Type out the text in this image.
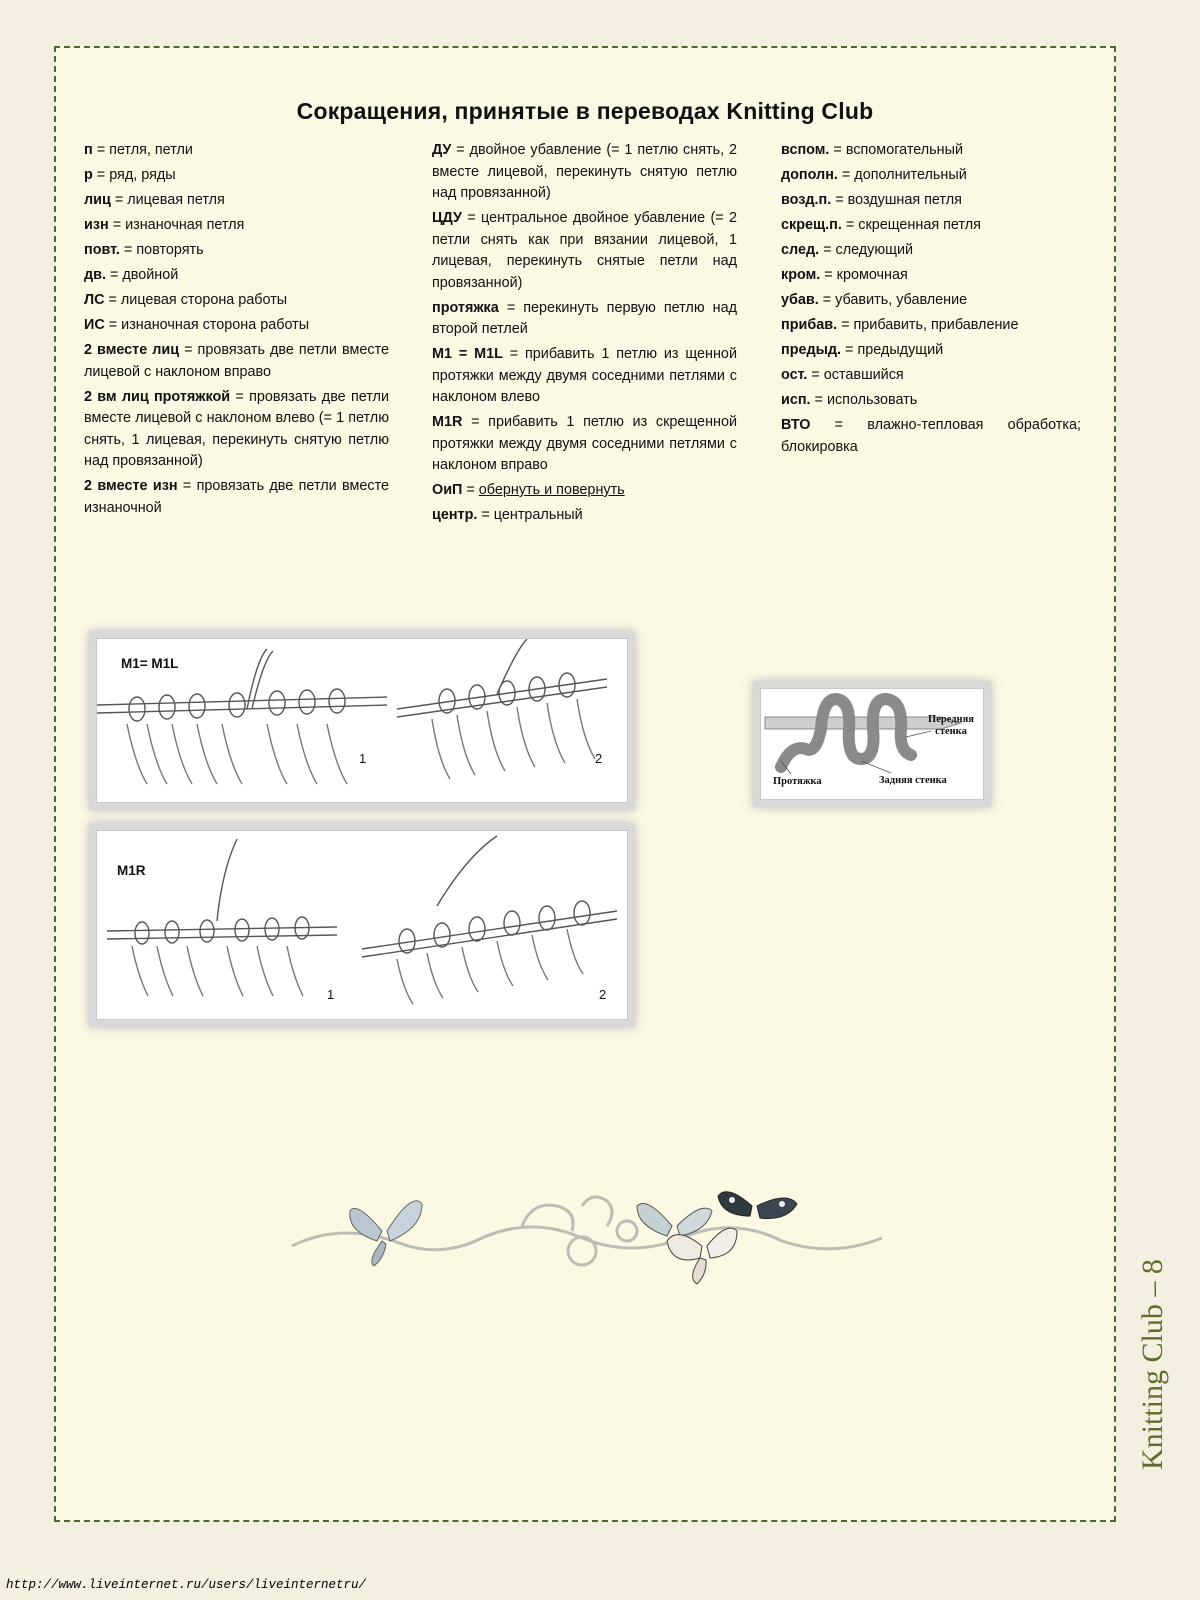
Сокращения, принятые в переводах Knitting Club
п = петля, петли
р = ряд, ряды
лиц = лицевая петля
изн = изнаночная петля
повт. = повторять
дв. = двойной
ЛС = лицевая сторона работы
ИС = изнаночная сторона работы
2 вместе лиц = провязать две петли вместе лицевой с наклоном вправо
2 вм лиц протяжкой = провязать две петли вместе лицевой с наклоном влево (= 1 петлю снять, 1 лицевая, перекинуть снятую петлю над провязанной)
2 вместе изн = провязать две петли вместе изнаночной
ДУ = двойное убавление (= 1 петлю снять, 2 вместе лицевой, перекинуть снятую петлю над провязанной)
ЦДУ = центральное двойное убавление (= 2 петли снять как при вязании лицевой, 1 лицевая, перекинуть снятые петли над провязанной)
протяжка = перекинуть первую петлю над второй петлей
М1 = M1L = прибавить 1 петлю из щенной протяжки между двумя соседними петлями с наклоном влево
M1R = прибавить 1 петлю из скрещенной протяжки между двумя соседними петлями с наклоном вправо
ОиП = обернуть и повернуть
центр. = центральный
вспом. = вспомогательный
дополн. = дополнительный
возд.п. = воздушная петля
скрещ.п. = скрещенная петля
след. = следующий
кром. = кромочная
убав. = убавить, убавление
прибав. = прибавить, прибавление
предыд. = предыдущий
ост. = оставшийся
исп. = использовать
ВТО = влажно-тепловая обработка; блокировка
М1= M1L
1	2
M1R
1	2
Передняя стенка
Протяжка	Задняя стенка
Knitting Club – 8
http://www.liveinternet.ru/users/liveinternetru/
